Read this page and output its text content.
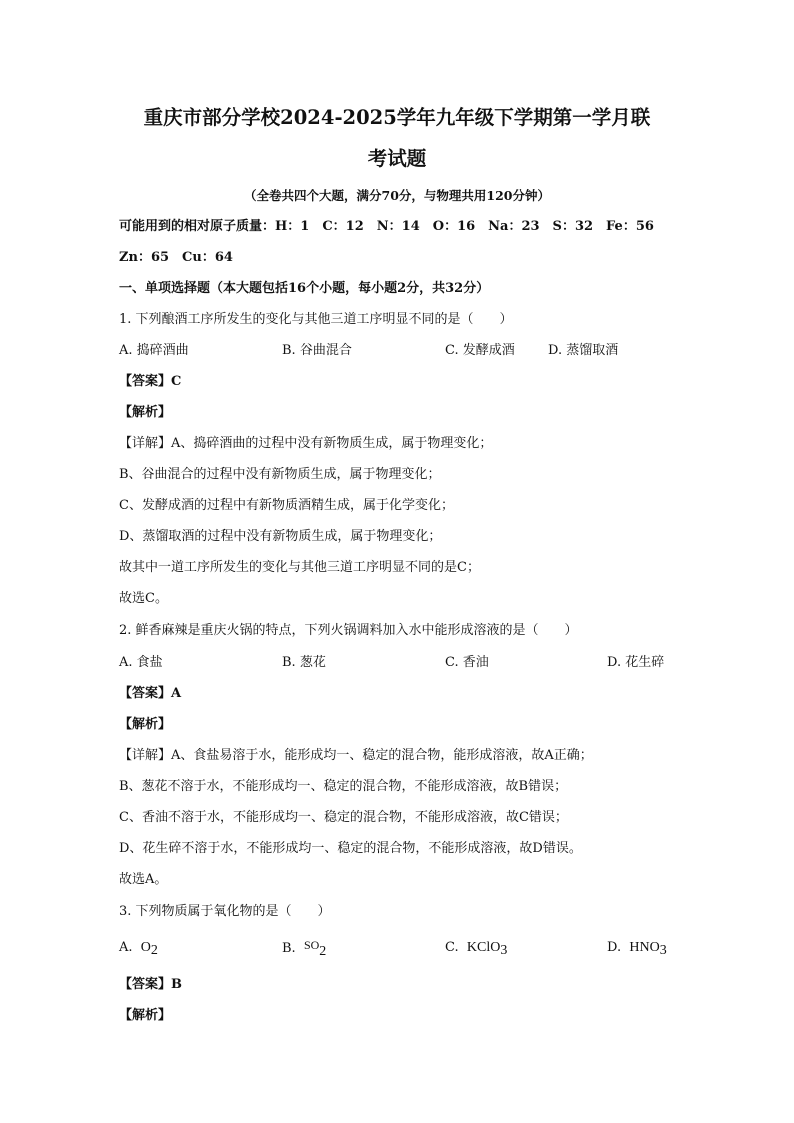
重庆市部分学校2024-2025学年九年级下学期第一学月联
考试题
（全卷共四个大题，满分70分，与物理共用120分钟）
可能用到的相对原子质量：H：1　C：12　N：14　O：16　Na：23　S：32　Fe：56
Zn：65　Cu：64
一、单项选择题（本大题包括16个小题，每小题2分，共32分）
1. 下列酿酒工序所发生的变化与其他三道工序明显不同的是（　　）
A. 捣碎酒曲	B. 谷曲混合	C. 发酵成酒	D. 蒸馏取酒
【答案】C
【解析】
【详解】A、捣碎酒曲的过程中没有新物质生成，属于物理变化；
B、谷曲混合的过程中没有新物质生成，属于物理变化；
C、发酵成酒的过程中有新物质酒精生成，属于化学变化；
D、蒸馏取酒的过程中没有新物质生成，属于物理变化；
故其中一道工序所发生的变化与其他三道工序明显不同的是C；
故选C。
2. 鲜香麻辣是重庆火锅的特点，下列火锅调料加入水中能形成溶液的是（　　）
A. 食盐	B. 葱花	C. 香油	D. 花生碎
【答案】A
【解析】
【详解】A、食盐易溶于水，能形成均一、稳定的混合物，能形成溶液，故A正确；
B、葱花不溶于水，不能形成均一、稳定的混合物，不能形成溶液，故B错误；
C、香油不溶于水，不能形成均一、稳定的混合物，不能形成溶液，故C错误；
D、花生碎不溶于水，不能形成均一、稳定的混合物，不能形成溶液，故D错误。
故选A。
3. 下列物质属于氧化物的是（　　）
A. $O_2$	B. $SO_2$	C. KClO$_3$	D. $HNO_3$
【答案】B
【解析】
